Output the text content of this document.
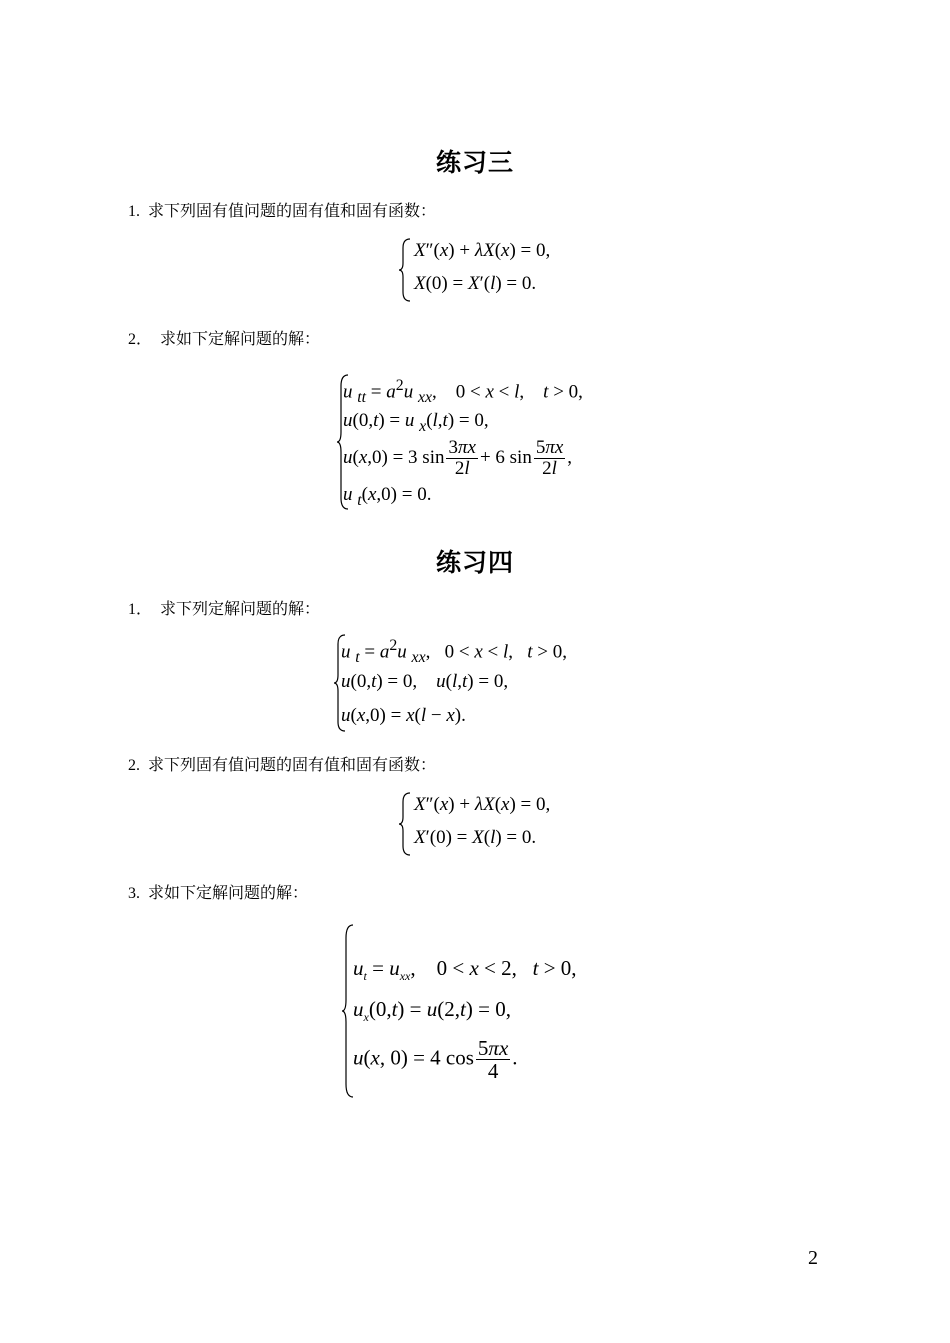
练习三
1. 求下列固有值问题的固有值和固有函数：
X″(x) + λX(x) = 0,
X(0) = X′(l) = 0.
2． 求如下定解问题的解：
u $_{tt} = a^2u$ $_{xx}$,    0 < x < l,    t > 0,
u(0,t) = u $_x$(l,t) = 0,
u(x,0) = 3 $\sin \frac{3\pi x}{2l} + 6$ $\sin \frac{5\pi x}{2l}$ ,
u $_t$(x,0) = 0.
练习四
1． 求下列定解问题的解：
u $_t = a^2u$ $_{xx}$,   0 < x < l,   t > 0,
u(0,t) = 0,    u(l,t) = 0,
u(x,0) = x(l − x).
2. 求下列固有值问题的固有值和固有函数：
X″(x) + λX(x) = 0,
X′(0) = X(l) = 0.
3. 求如下定解问题的解：
$u_t = u_{xx}$,    0 < x < 2,   t > 0,
$u_x(0,t) = u(2,t) = 0$,
u(x, 0) = 4 $\cos \frac{5\pi x}{4}$ .
2
